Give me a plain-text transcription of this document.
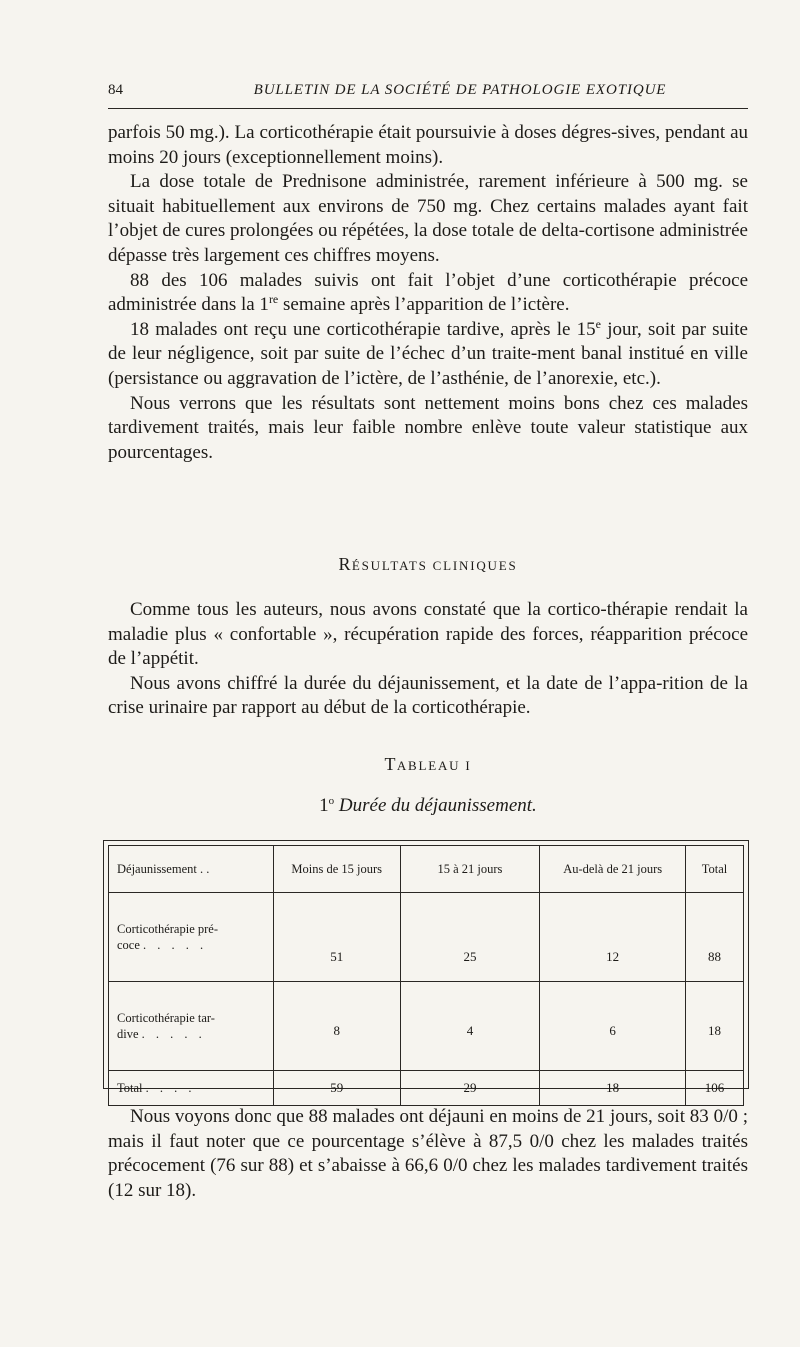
84	BULLETIN DE LA SOCIÉTÉ DE PATHOLOGIE EXOTIQUE

parfois 50 mg.). La corticothérapie était poursuivie à doses dégres-sives, pendant au moins 20 jours (exceptionnellement moins).

La dose totale de Prednisone administrée, rarement inférieure à 500 mg. se situait habituellement aux environs de 750 mg. Chez certains malades ayant fait l’objet de cures prolongées ou répétées, la dose totale de delta-cortisone administrée dépasse très largement ces chiffres moyens.

88 des 106 malades suivis ont fait l’objet d’une corticothérapie précoce administrée dans la 1re semaine après l’apparition de l’ictère.

18 malades ont reçu une corticothérapie tardive, après le 15e jour, soit par suite de leur négligence, soit par suite de l’échec d’un traite-ment banal institué en ville (persistance ou aggravation de l’ictère, de l’asthénie, de l’anorexie, etc.).

Nous verrons que les résultats sont nettement moins bons chez ces malades tardivement traités, mais leur faible nombre enlève toute valeur statistique aux pourcentages.

RÉSULTATS CLINIQUES

Comme tous les auteurs, nous avons constaté que la cortico-thérapie rendait la maladie plus « confortable », récupération rapide des forces, réapparition précoce de l’appétit.

Nous avons chiffré la durée du déjaunissement, et la date de l’appa-rition de la crise urinaire par rapport au début de la corticothérapie.

TABLEAU I
1$^o$ Durée du déjaunissement.
Déjaunissement . .	Moins de 15 jours	15 à 21 jours	Au-delà de 21 jours	Total
Corticothérapie pré-
coce . . . . .	51	25	12	88
Corticothérapie tar-
dive . . . . .	8	4	6	18
Total . . . .	59	29	18	106

Nous voyons donc que 88 malades ont déjauni en moins de 21 jours, soit 83 0/0 ; mais il faut noter que ce pourcentage s’élève à 87,5 0/0 chez les malades traités précocement (76 sur 88) et s’abaisse à 66,6 0/0 chez les malades tardivement traités (12 sur 18).
